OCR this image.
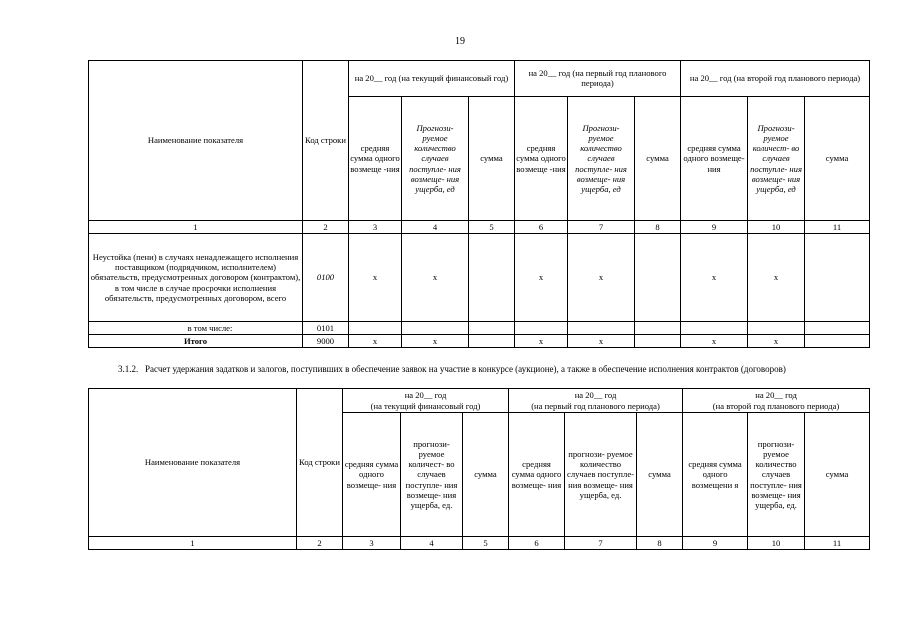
19
Наименование показателя	Код строки	на 20__ год (на текущий финансовый год)			на 20__ год (на первый год планового периода)			на 20__ год (на второй год планового периода)		
		средняя сумма одного возмеще -ния	Прогнози- руемое количество случаев поступле- ния возмеще- ния ущерба, ед	сумма	средняя сумма одного возмеще -ния	Прогнози- руемое количество случаев поступле- ния возмеще- ния ущерба, ед	сумма	средняя сумма одного возмеще- ния	Прогнози- руемое количест- во случаев поступле- ния возмеще- ния ущерба, ед	сумма
1	2	3	4	5	6	7	8	9	10	11
Неустойка (пени) в случаях ненадлежащего исполнения поставщиком (подрядчиком, исполнителем) обязательств, предусмотренных договором (контрактом), в том числе в случае просрочки исполнения обязательств, предусмотренных договором, всего	0100	x	x		x	x		x	x	
в том числе:	0101									
Итого	9000	x	x		x	x		x	x	
3.1.2. Расчет удержания задатков и залогов, поступивших в обеспечение заявок на участие в конкурсе (аукционе), а также в обеспечение исполнения контрактов (договоров)
Наименование показателя	Код строки	на 20__ год			на 20__ год			на 20__ год		
		(на текущий финансовый год)			(на первый год планового периода)			(на второй год планового периода)		
		средняя сумма одного возмеще- ния	прогнози- руемое количест- во случаев поступле- ния возмеще- ния ущерба, ед.	сумма	средняя сумма одного возмеще- ния	прогнози- руемое количество случаев поступле- ния возмеще- ния ущерба, ед.	сумма	средняя сумма одного возмещени я	прогнози- руемое количество случаев поступле- ния возмеще- ния ущерба, ед.	сумма
1	2	3	4	5	6	7	8	9	10	11
